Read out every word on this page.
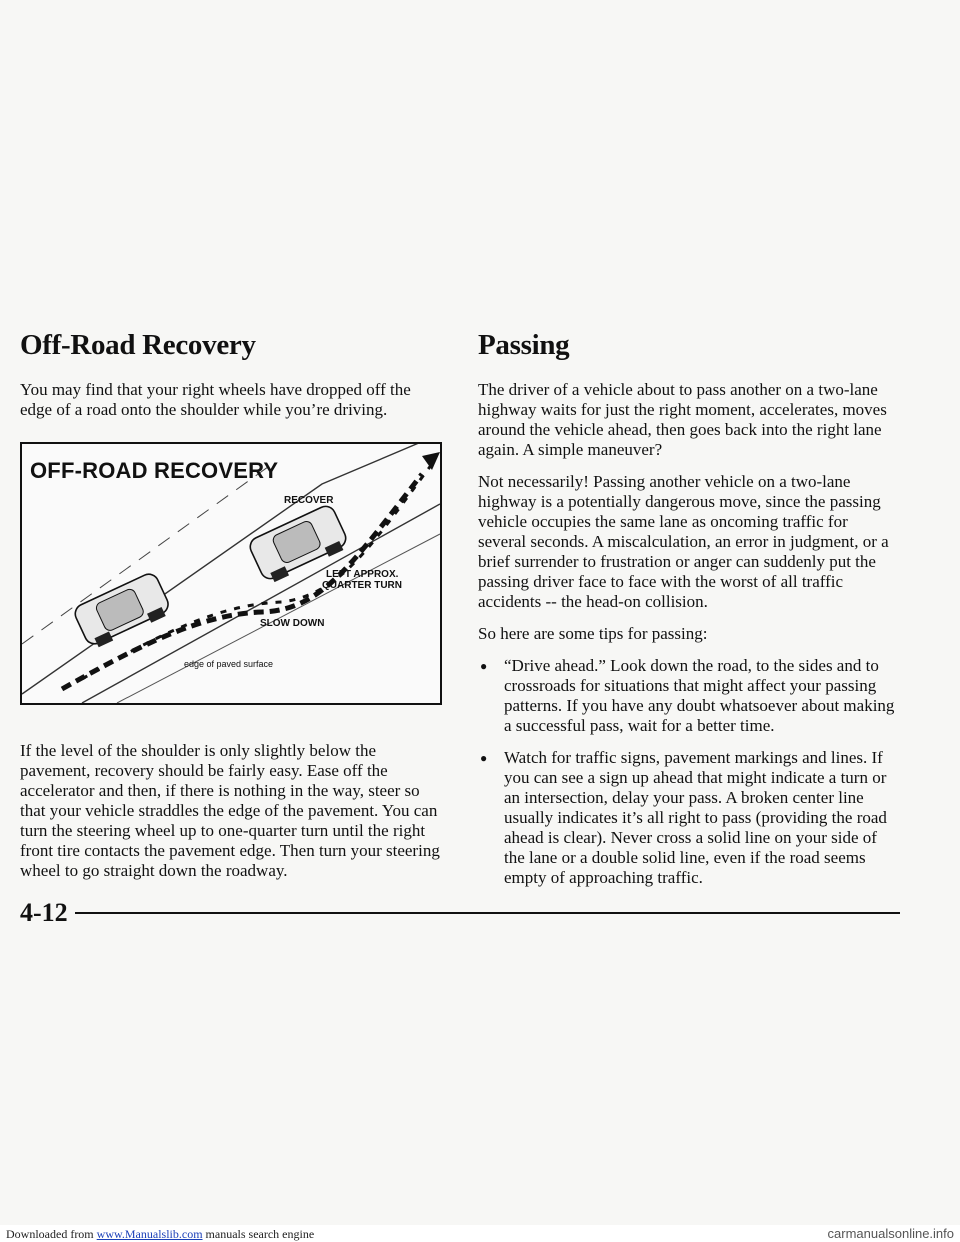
Off-Road Recovery

You may find that your right wheels have dropped off the edge of a road onto the shoulder while you’re driving.

OFF-ROAD RECOVERY
RECOVER
LEFT APPROX.
QUARTER TURN
SLOW DOWN
edge of paved surface

If the level of the shoulder is only slightly below the pavement, recovery should be fairly easy. Ease off the accelerator and then, if there is nothing in the way, steer so that your vehicle straddles the edge of the pavement. You can turn the steering wheel up to one-quarter turn until the right front tire contacts the pavement edge. Then turn your steering wheel to go straight down the roadway.

Passing

The driver of a vehicle about to pass another on a two-lane highway waits for just the right moment, accelerates, moves around the vehicle ahead, then goes back into the right lane again. A simple maneuver?

Not necessarily! Passing another vehicle on a two-lane highway is a potentially dangerous move, since the passing vehicle occupies the same lane as oncoming traffic for several seconds. A miscalculation, an error in judgment, or a brief surrender to frustration or anger can suddenly put the passing driver face to face with the worst of all traffic accidents -- the head-on collision.

So here are some tips for passing:

● “Drive ahead.” Look down the road, to the sides and to crossroads for situations that might affect your passing patterns. If you have any doubt whatsoever about making a successful pass, wait for a better time.
● Watch for traffic signs, pavement markings and lines. If you can see a sign up ahead that might indicate a turn or an intersection, delay your pass. A broken center line usually indicates it’s all right to pass (providing the road ahead is clear). Never cross a solid line on your side of the lane or a double solid line, even if the road seems empty of approaching traffic.
4-12
Downloaded from www.Manualslib.com manuals search engine	carmanualsonline.info
